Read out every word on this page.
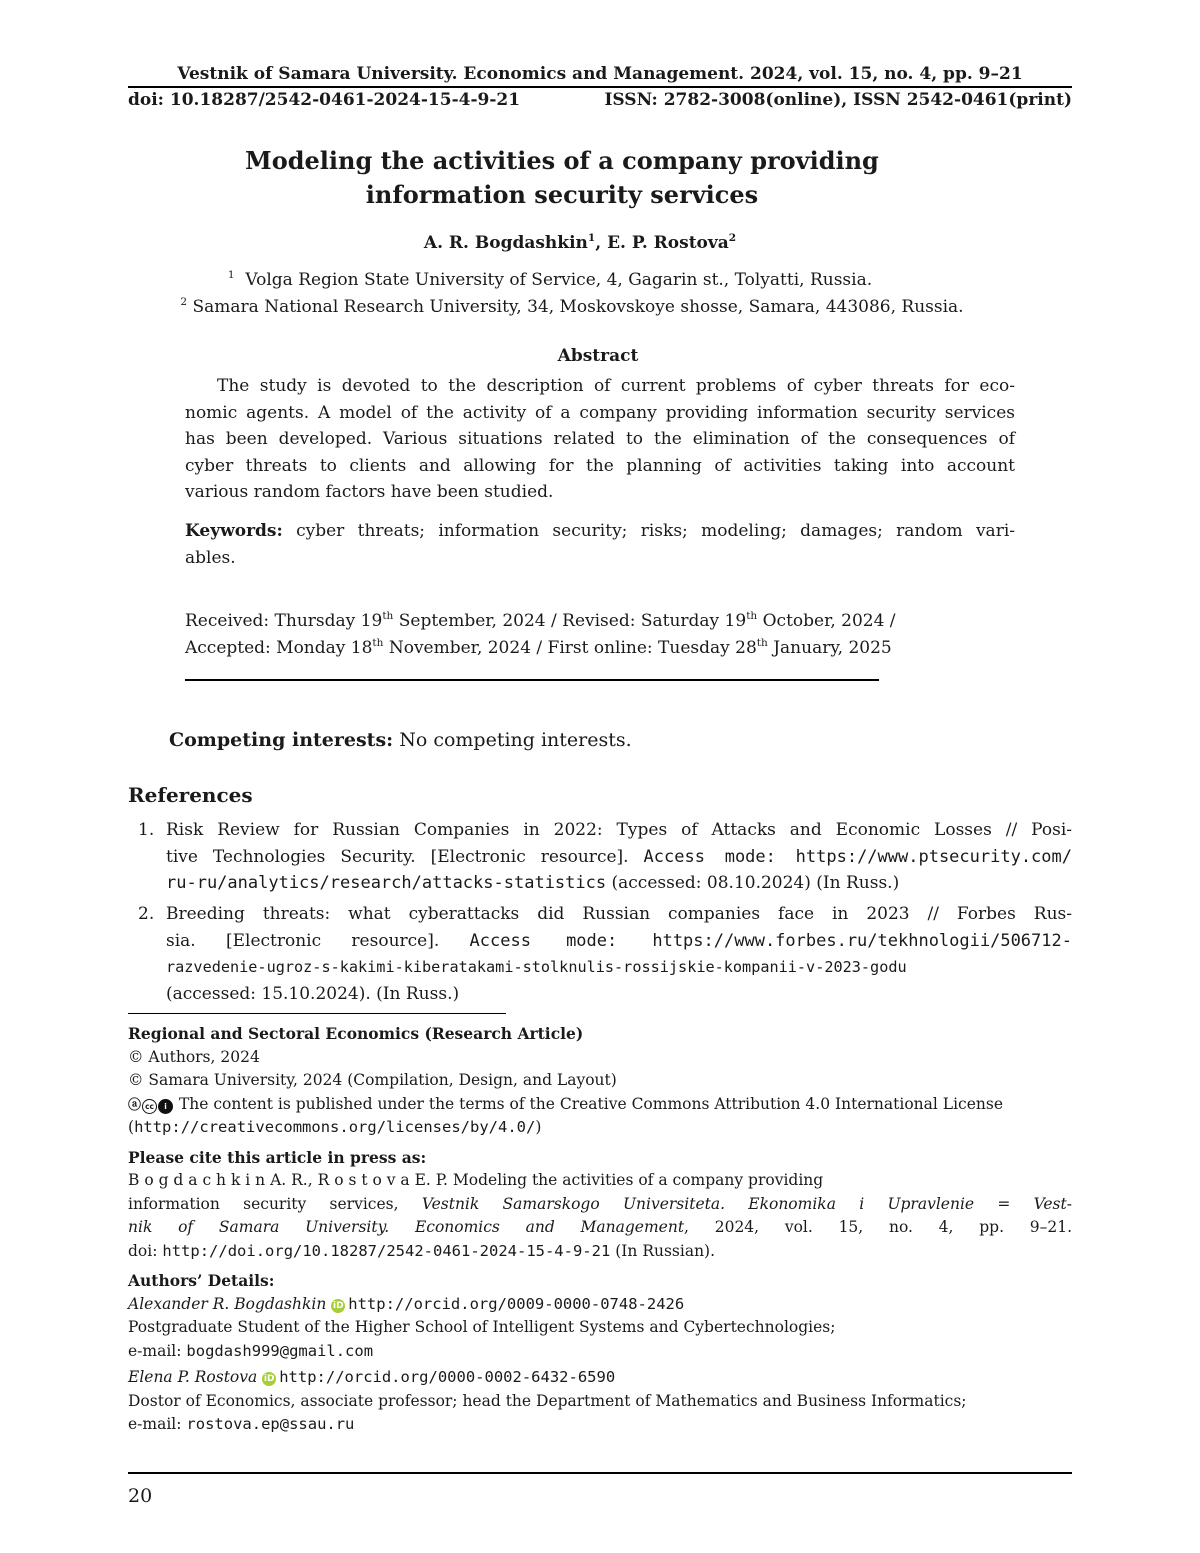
Vestnik of Samara University. Economics and Management. 2024, vol. 15, no. 4, pp. 9–21
doi: 10.18287/2542-0461-2024-15-4-9-21	ISSN: 2782-3008(online), ISSN 2542-0461(print)
Modeling the activities of a company providing
information security services
A. R. Bogdashkin$^1$, E. P. Rostova$^2$
$^1$ Volga Region State University of Service, 4, Gagarin st., Tolyatti, Russia.
$^2$ Samara National Research University, 34, Moskovskoye shosse, Samara, 443086, Russia.
Abstract
The study is devoted to the description of current problems of cyber threats for eco-
nomic agents. A model of the activity of a company providing information security services
has been developed. Various situations related to the elimination of the consequences of
cyber threats to clients and allowing for the planning of activities taking into account
various random factors have been studied.
Keywords: cyber threats; information security; risks; modeling; damages; random vari-
ables.
Received: Thursday 19th September, 2024 / Revised: Saturday 19th October, 2024 /
Accepted: Monday 18th November, 2024 / First online: Tuesday 28th January, 2025
Competing interests: No competing interests.
References
1. Risk Review for Russian Companies in 2022: Types of Attacks and Economic Losses // Posi-
tive Technologies Security. [Electronic resource]. Access mode: https://www.ptsecurity.com/
ru-ru/analytics/research/attacks-statistics (accessed: 08.10.2024) (In Russ.)
2. Breeding threats: what cyberattacks did Russian companies face in 2023 // Forbes Rus-
sia. [Electronic resource]. Access mode: https://www.forbes.ru/tekhnologii/506712-
razvedenie-ugroz-s-kakimi-kiberatakami-stolknulis-rossijskie-kompanii-v-2023-godu
(accessed: 15.10.2024). (In Russ.)
Regional and Sectoral Economics (Research Article)
© Authors, 2024
© Samara University, 2024 (Compilation, Design, and Layout)
ⓐ cc i The content is published under the terms of the Creative Commons Attribution 4.0 International License
(http://creativecommons.org/licenses/by/4.0/)
Please cite this article in press as:
B o g d a c h k i n A. R., R o s t o v a E. P. Modeling the activities of a company providing
information security services, Vestnik Samarskogo Universiteta. Ekonomika i Upravlenie = Vest-
nik of Samara University. Economics and Management, 2024, vol. 15, no. 4, pp. 9–21.
doi: http://doi.org/10.18287/2542-0461-2024-15-4-9-21 (In Russian).
Authors’ Details:
Alexander R. Bogdashkin iD http://orcid.org/0009-0000-0748-2426
Postgraduate Student of the Higher School of Intelligent Systems and Cybertechnologies;
e-mail: bogdash999@gmail.com
Elena P. Rostova iD http://orcid.org/0000-0002-6432-6590
Dostor of Economics, associate professor; head the Department of Mathematics and Business Informatics;
e-mail: rostova.ep@ssau.ru
20
